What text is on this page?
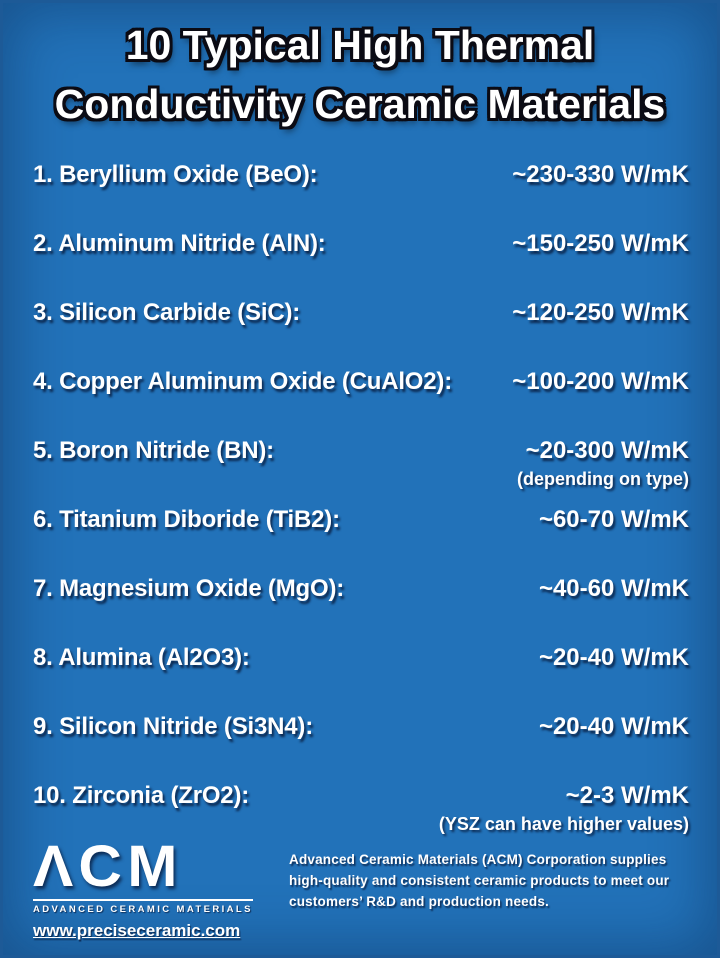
10 Typical High Thermal
Conductivity Ceramic Materials
1. Beryllium Oxide (BeO):	~230-330 W/mK
2. Aluminum Nitride (AlN):	~150-250 W/mK
3. Silicon Carbide (SiC):	~120-250 W/mK
4. Copper Aluminum Oxide (CuAlO2):	~100-200 W/mK
5. Boron Nitride (BN):	~20-300 W/mK
(depending on type)
6. Titanium Diboride (TiB2):	~60-70 W/mK
7. Magnesium Oxide (MgO):	~40-60 W/mK
8. Alumina (Al2O3):	~20-40 W/mK
9. Silicon Nitride (Si3N4):	~20-40 W/mK
10. Zirconia (ZrO2):	~2-3 W/mK
(YSZ can have higher values)
ΛCM
ADVANCED CERAMIC MATERIALS
www.preciseceramic.com
Advanced Ceramic Materials (ACM) Corporation supplies high-quality and consistent ceramic products to meet our customers’ R&D and production needs.
